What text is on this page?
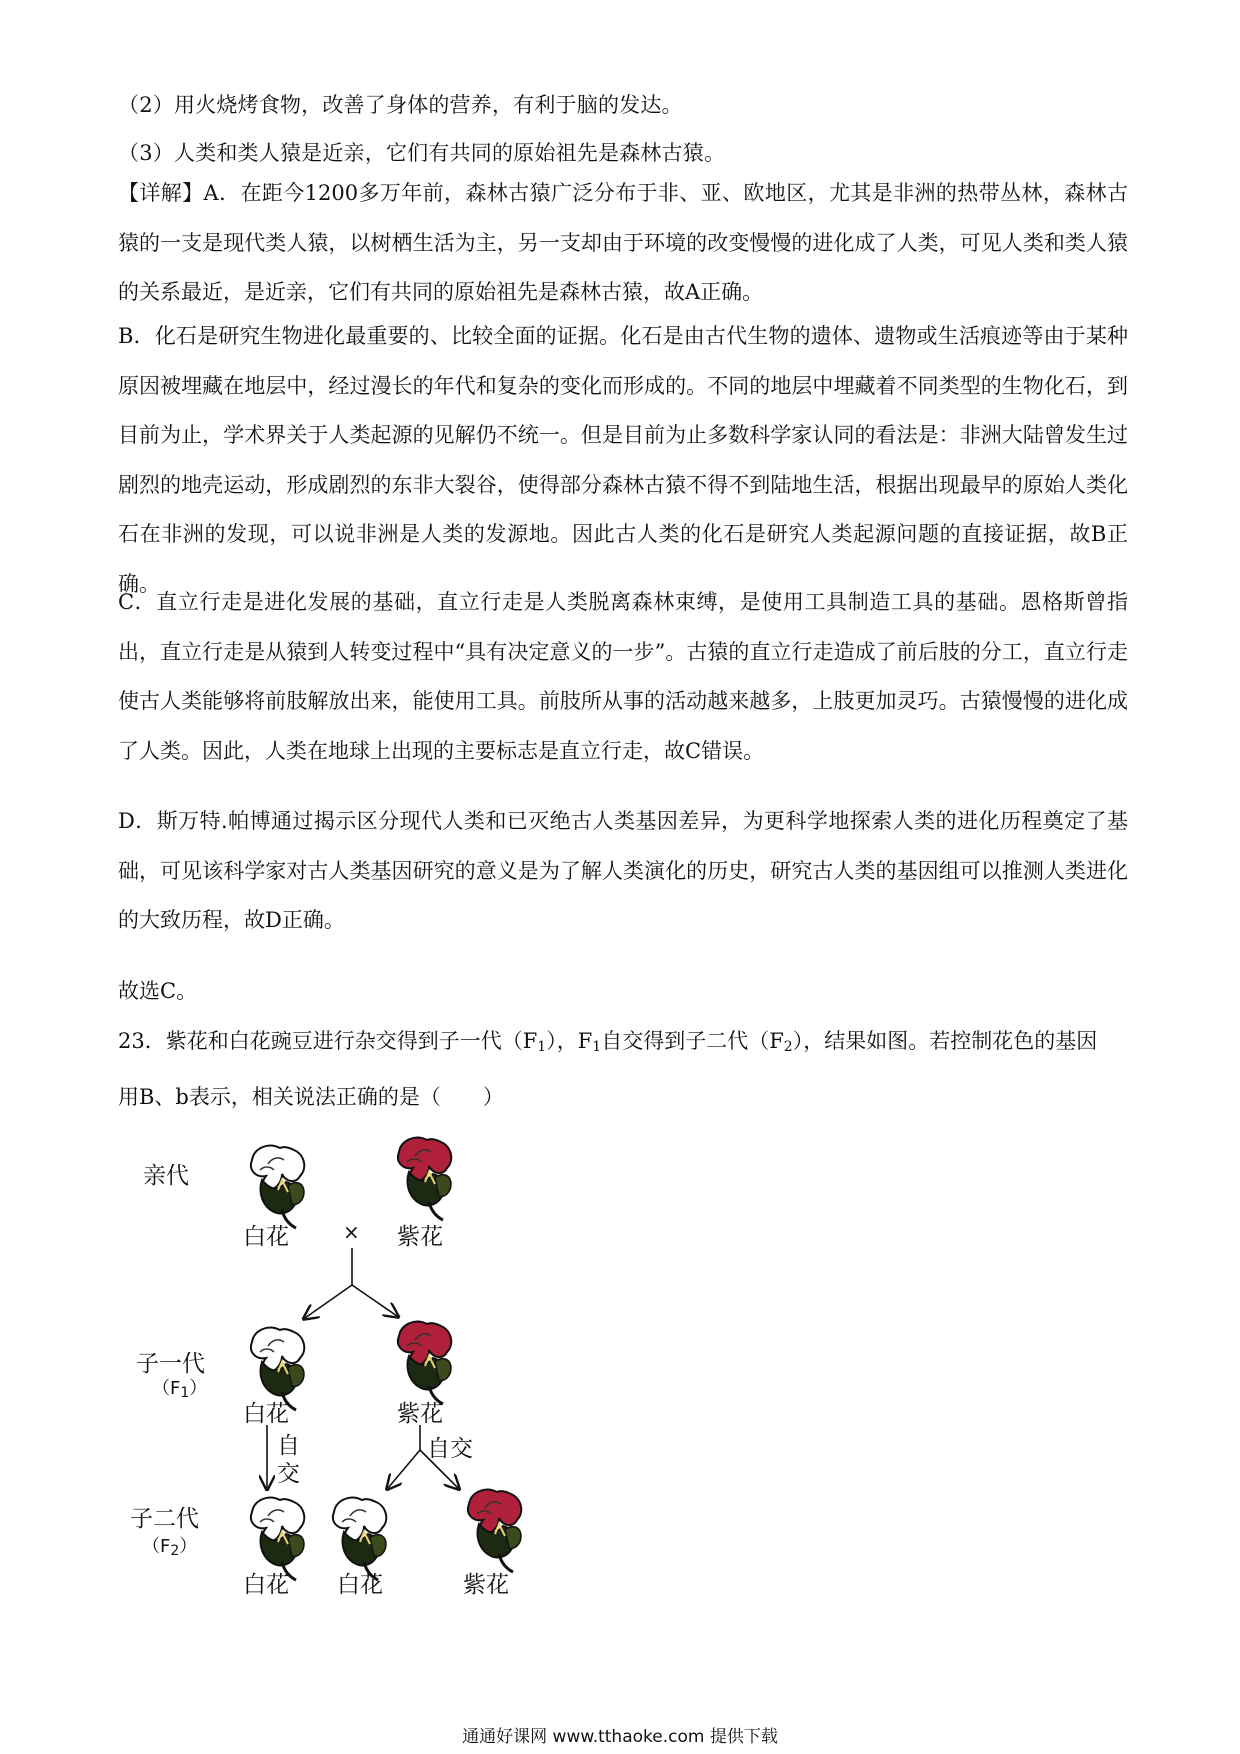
（2）用火烧烤食物，改善了身体的营养，有利于脑的发达。
（3）人类和类人猿是近亲，它们有共同的原始祖先是森林古猿。
【详解】A．在距今1200多万年前，森林古猿广泛分布于非、亚、欧地区，尤其是非洲的热带丛林，森林古猿的一支是现代类人猿，以树栖生活为主，另一支却由于环境的改变慢慢的进化成了人类，可见人类和类人猿的关系最近，是近亲，它们有共同的原始祖先是森林古猿，故A正确。
B．化石是研究生物进化最重要的、比较全面的证据。化石是由古代生物的遗体、遗物或生活痕迹等由于某种原因被埋藏在地层中，经过漫长的年代和复杂的变化而形成的。不同的地层中埋藏着不同类型的生物化石，到目前为止，学术界关于人类起源的见解仍不统一。但是目前为止多数科学家认同的看法是：非洲大陆曾发生过剧烈的地壳运动，形成剧烈的东非大裂谷，使得部分森林古猿不得不到陆地生活，根据出现最早的原始人类化石在非洲的发现，可以说非洲是人类的发源地。因此古人类的化石是研究人类起源问题的直接证据，故B正确。
C．直立行走是进化发展的基础，直立行走是人类脱离森林束缚，是使用工具制造工具的基础。恩格斯曾指出，直立行走是从猿到人转变过程中“具有决定意义的一步”。古猿的直立行走造成了前后肢的分工，直立行走使古人类能够将前肢解放出来，能使用工具。前肢所从事的活动越来越多，上肢更加灵巧。古猿慢慢的进化成了人类。因此，人类在地球上出现的主要标志是直立行走，故C错误。
D．斯万特.帕博通过揭示区分现代人类和已灭绝古人类基因差异，为更科学地探索人类的进化历程奠定了基础，可见该科学家对古人类基因研究的意义是为了解人类演化的历史，研究古人类的基因组可以推测人类进化的大致历程，故D正确。
故选C。
23．紫花和白花豌豆进行杂交得到子一代$(F_1)$，$F_1$自交得到子二代$(F_2)$，结果如图。若控制花色的基因
用B、b表示，相关说法正确的是（　　）
亲代
白花	× 紫花
子一代
$(F_1)$
白花	紫花
自
交
自交
子二代
$(F_2)$
白花 白花	紫花
通通好课网 www.tthaoke.com 提供下载
